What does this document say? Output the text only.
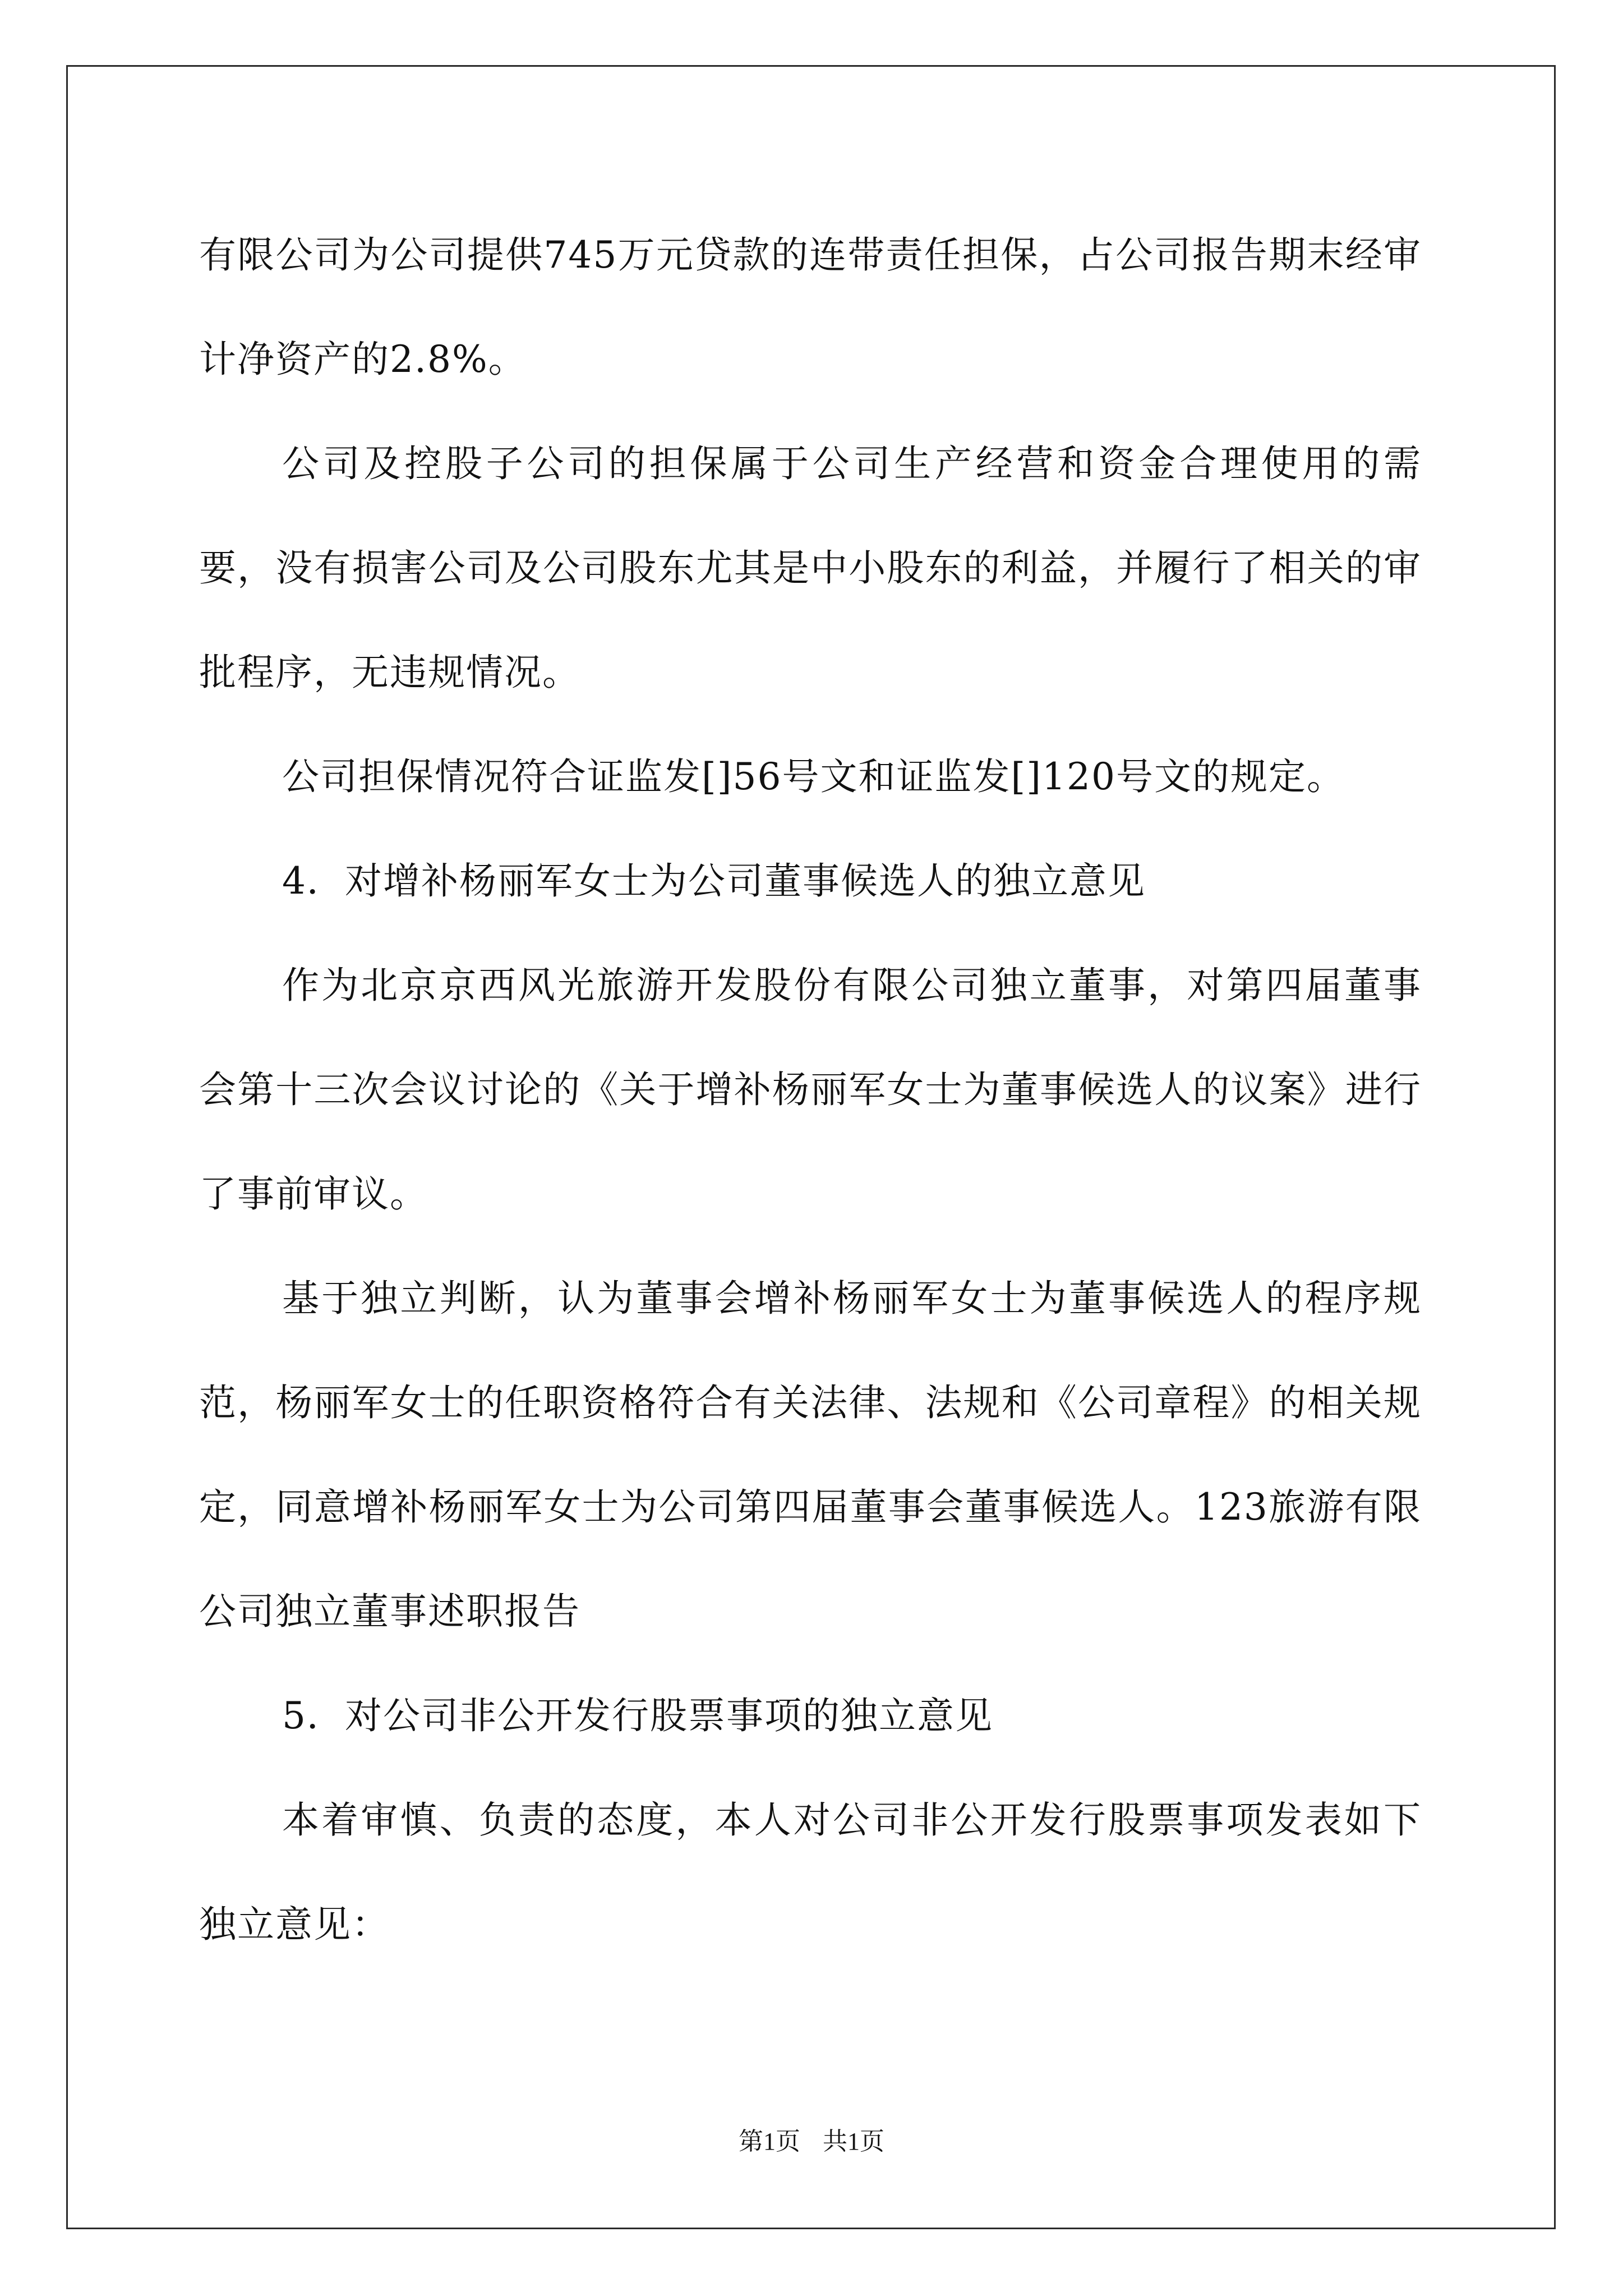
有限公司为公司提供745万元贷款的连带责任担保，占公司报告期末经审计净资产的2.8%。

公司及控股子公司的担保属于公司生产经营和资金合理使用的需要，没有损害公司及公司股东尤其是中小股东的利益，并履行了相关的审批程序，无违规情况。

公司担保情况符合证监发[]56号文和证监发[]120号文的规定。

4．对增补杨丽军女士为公司董事候选人的独立意见

作为北京京西风光旅游开发股份有限公司独立董事，对第四届董事会第十三次会议讨论的《关于增补杨丽军女士为董事候选人的议案》进行了事前审议。

基于独立判断，认为董事会增补杨丽军女士为董事候选人的程序规范，杨丽军女士的任职资格符合有关法律、法规和《公司章程》的相关规定，同意增补杨丽军女士为公司第四届董事会董事候选人。123旅游有限公司独立董事述职报告

5．对公司非公开发行股票事项的独立意见

本着审慎、负责的态度，本人对公司非公开发行股票事项发表如下独立意见：

第1页 共1页
